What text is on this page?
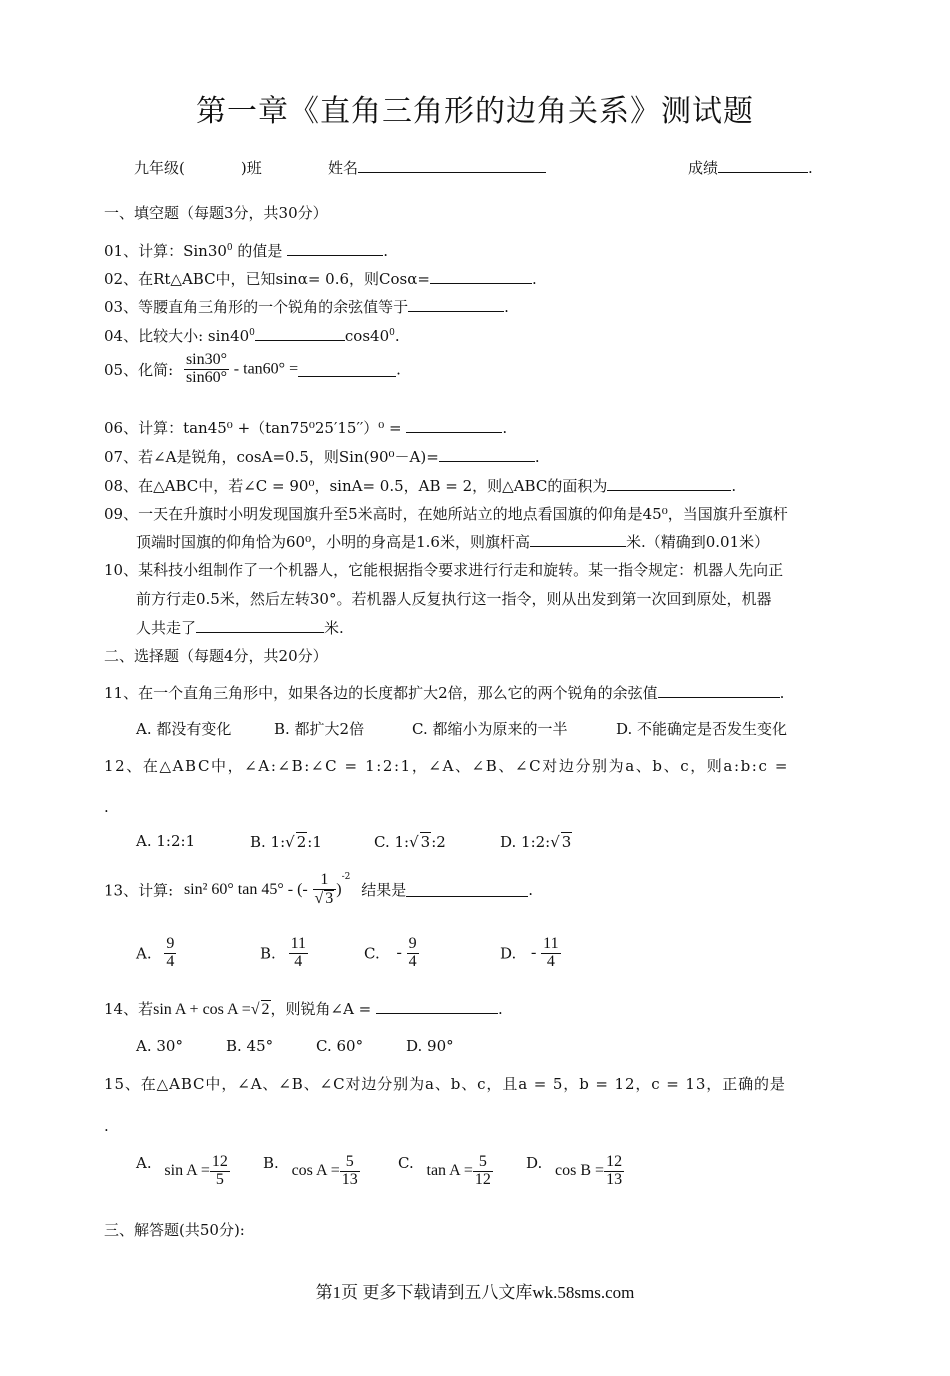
第一章《直角三角形的边角关系》测试题
九年级(	)班	姓名	成绩	.
一、填空题（每题3分，共30分）
01、计算：$Sin30^0$ 的值是	.
02、在Rt△ABC中，已知sinα= 0.6，则Cosα=	.
03、等腰直角三角形的一个锐角的余弦值等于	.
04、比较大小: $\sin 40^0$	$\cos 40^0$.
05、化简: $\frac{\sin 30^\circ}{\sin 60^\circ} - \tan 60^\circ$ =	.
06、计算：tan45⁰ +（tan75⁰25′15′′）⁰ =	.
07、若∠A是锐角，cosA=0.5，则Sin(90⁰－A)=	.
08、在△ABC中，若∠C = 90⁰，sinA= 0.5，AB = 2，则△ABC的面积为	.
09、一天在升旗时小明发现国旗升至5米高时，在她所站立的地点看国旗的仰角是45⁰，当国旗升至旗杆
顶端时国旗的仰角恰为60⁰，小明的身高是1.6米，则旗杆高	米.（精确到0.01米）
10、某科技小组制作了一个机器人，它能根据指令要求进行行走和旋转。某一指令规定：机器人先向正
前方行走0.5米，然后左转30°。若机器人反复执行这一指令，则从出发到第一次回到原处，机器
人共走了	米.
二、选择题（每题4分，共20分）
11、在一个直角三角形中，如果各边的长度都扩大2倍，那么它的两个锐角的余弦值	.
A. 都没有变化	B. 都扩大2倍	C. 都缩小为原来的一半	D. 不能确定是否发生变化
12、在△ABC中，∠A:∠B:∠C = 1:2:1，∠A、∠B、∠C对边分别为a、b、c，则a:b:c =
.
A. 1:2:1	B. 1:√ 2:1	C. 1:√ 3:2	D. 1:2:√ 3
13、计算: sin² 60° tan 45° - (- $\frac{1}{√ 3} )^{-2}$ 结果是	.
A. $\frac{9}{4}$	B. $\frac{11}{4}$	C. - $\frac{9}{4}$	D. - $\frac{11}{4}$
14、若sin A + cos A =√ 2，则锐角∠A =	.
A. 30°	B. 45°	C. 60°	D. 90°
15、在△ABC中，∠A、∠B、∠C对边分别为a、b、c，且a = 5，b = 12，c = 13，正确的是
.
A. $\sin A = \frac{12}{5} B$. $\cos A = \frac{5}{13}$	C. $\tan A = \frac{5}{12} D$. $\cos B = \frac{12}{13}$
三、解答题(共50分):
第1页 更多下载请到五八文库wk.58sms.com
